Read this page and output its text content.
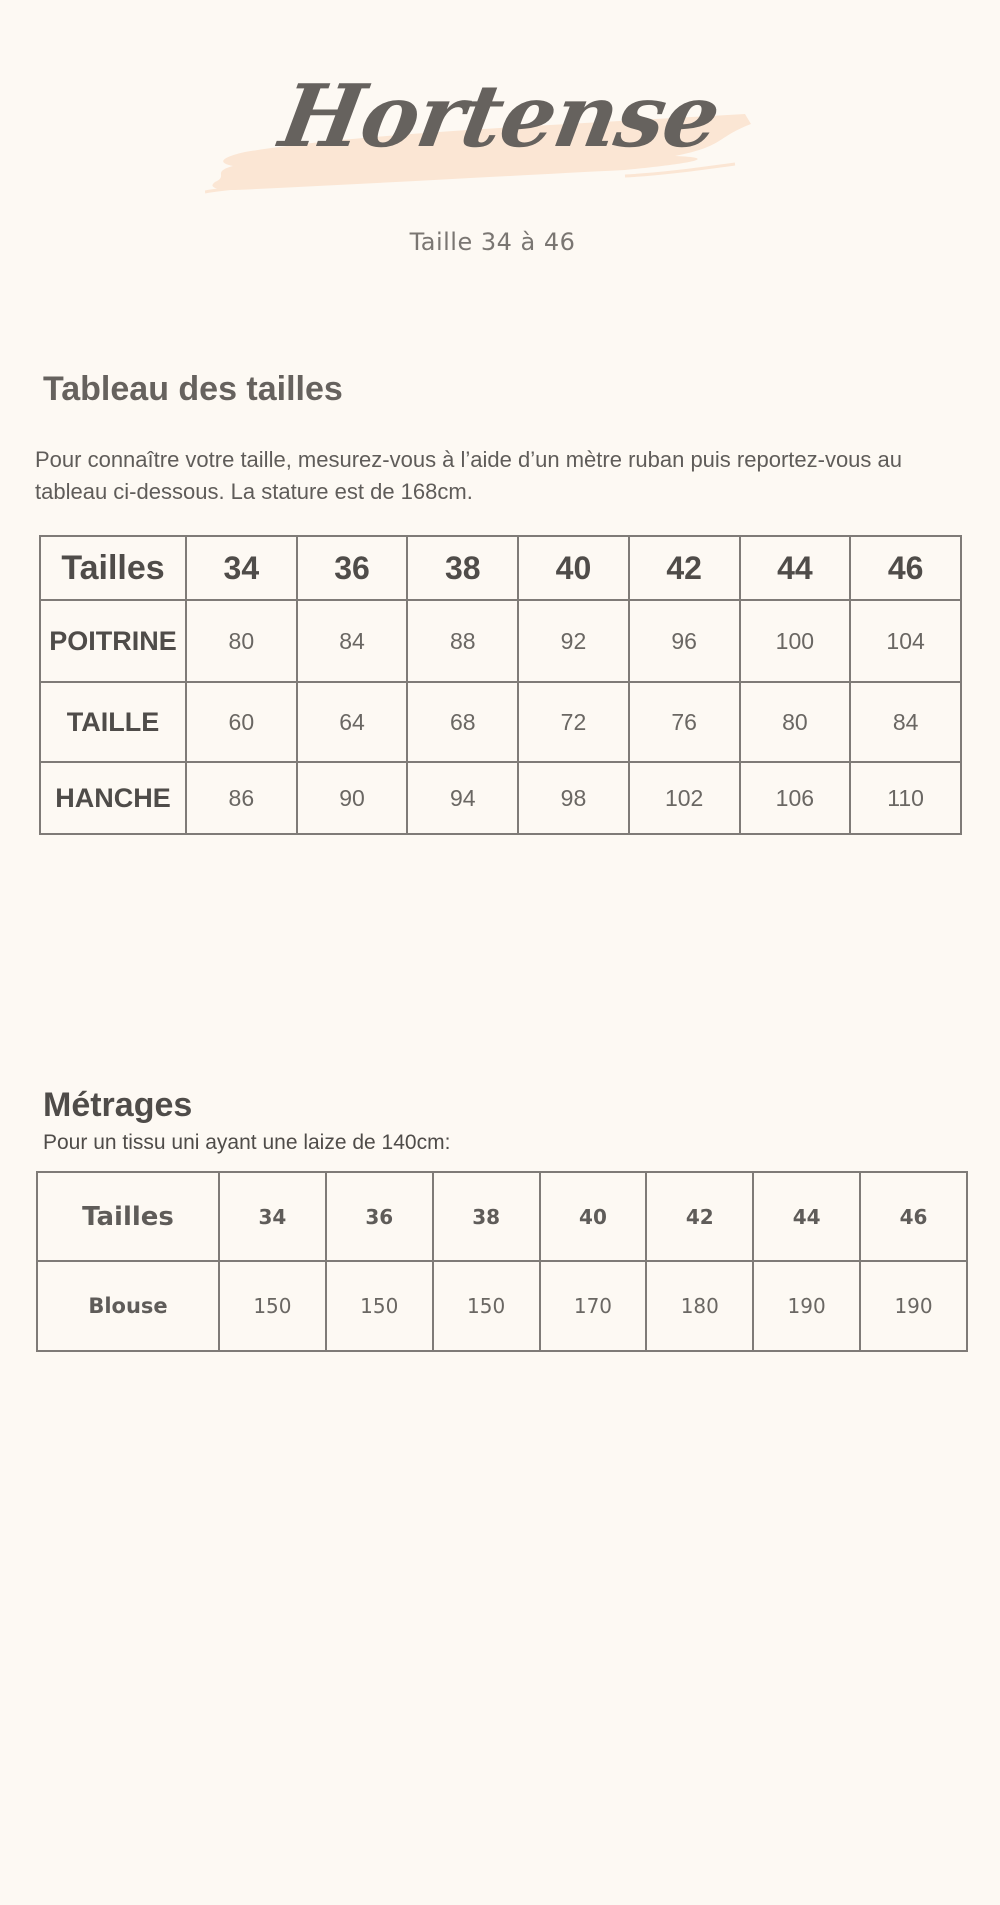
Hortense
Taille 34 à 46
Tableau des tailles

Pour connaître votre taille, mesurez-vous à l’aide d’un mètre ruban puis reportez-vous au tableau ci-dessous. La stature est de 168cm.

Tailles	34	36	38	40	42	44	46
POITRINE	80	84	88	92	96	100	104
TAILLE	60	64	68	72	76	80	84
HANCHE	86	90	94	98	102	106	110
Métrages

Pour un tissu uni ayant une laize de 140cm:

Tailles	34	36	38	40	42	44	46
Blouse	150	150	150	170	180	190	190
